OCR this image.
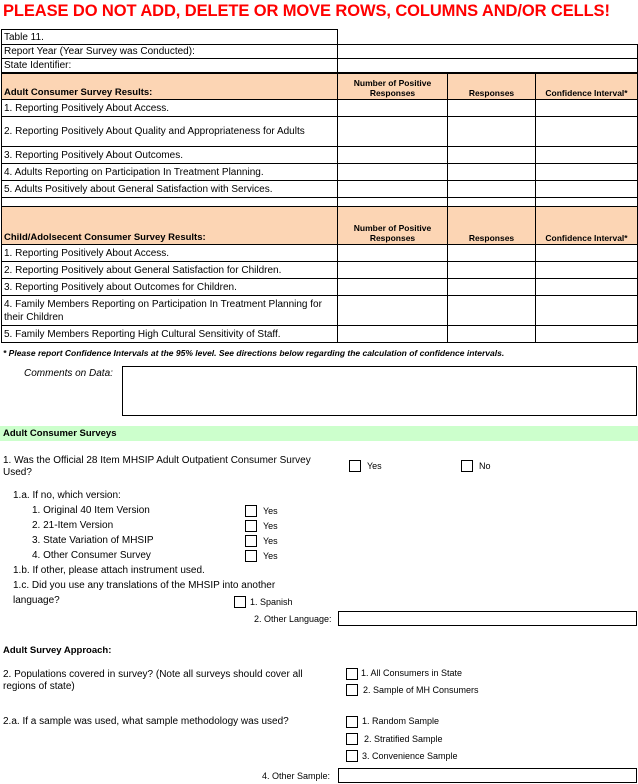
PLEASE DO NOT ADD, DELETE OR MOVE ROWS, COLUMNS AND/OR CELLS!
Table 11.	
Report Year (Year Survey was Conducted):	
State Identifier:	
Adult Consumer Survey Results:	Number of Positive Responses	Responses	Confidence Interval*
1. Reporting Positively About Access.			
2. Reporting Positively About Quality and Appropriateness for Adults			
3. Reporting Positively About Outcomes.			
4. Adults Reporting on Participation In Treatment Planning.			
5. Adults Positively about General Satisfaction with Services.			

Child/Adolsecent Consumer Survey Results:	Number of Positive Responses	Responses	Confidence Interval*
1. Reporting Positively About Access.			
2. Reporting Positively about General Satisfaction for Children.			
3. Reporting Positively about Outcomes for Children.			
4. Family Members Reporting on Participation In Treatment Planning for their Children			
5. Family Members Reporting High Cultural Sensitivity of Staff.			
* Please report Confidence Intervals at the 95% level. See directions below regarding the calculation of confidence intervals.
Comments on Data:
Adult Consumer Surveys
1. Was the Official 28 Item MHSIP Adult Outpatient Consumer Survey
Used?
Yes	No
1.a. If no, which version:
1. Original 40 Item Version	Yes
2. 21-Item Version	Yes
3. State Variation of MHSIP	Yes
4. Other Consumer Survey	Yes
1.b. If other, please attach instrument used.
1.c. Did you use any translations of the MHSIP into another
language?	1. Spanish
2. Other Language:
Adult Survey Approach:
2. Populations covered in survey? (Note all surveys should cover all
regions of state)
1. All Consumers in State
2. Sample of MH Consumers
2.a. If a sample was used, what sample methodology was used?	1. Random Sample
2. Stratified Sample
3. Convenience Sample
4. Other Sample:
